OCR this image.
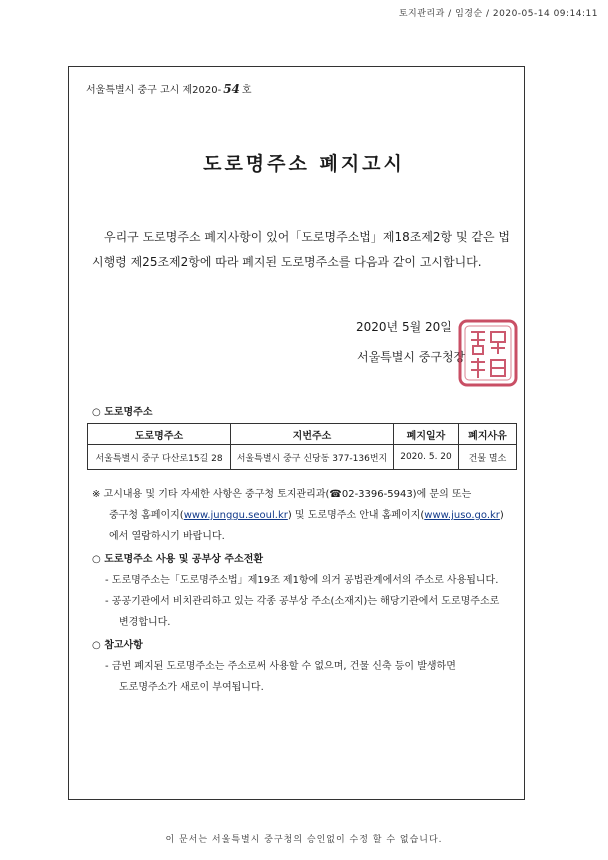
토지관리과 / 임경순 / 2020-05-14 09:14:11
서울특별시 중구 고시 제2020- 54 호
도로명주소 폐지고시
우리구 도로명주소 폐지사항이 있어「도로명주소법」제18조제2항 및 같은 법
시행령 제25조제2항에 따라 폐지된 도로명주소를 다음과 같이 고시합니다.
2020년 5월 20일
서울특별시 중구청장
○ 도로명주소
도로명주소	지번주소	폐지일자	폐지사유
서울특별시 중구 다산로15길 28	서울특별시 중구 신당동 377-136번지	2020. 5. 20	건물 멸소
※ 고시내용 및 기타 자세한 사항은 중구청 토지관리과(☎02-3396-5943)에 문의 또는
중구청 홈페이지(www.junggu.seoul.kr) 및 도로명주소 안내 홈페이지(www.juso.go.kr)
에서 열람하시기 바랍니다.
○ 도로명주소 사용 및 공부상 주소전환
- 도로명주소는「도로명주소법」제19조 제1항에 의거 공법관계에서의 주소로 사용됩니다.
- 공공기관에서 비치관리하고 있는 각종 공부상 주소(소재지)는 해당기관에서 도로명주소로
변경합니다.
○ 참고사항
- 금번 폐지된 도로명주소는 주소로써 사용할 수 없으며, 건물 신축 등이 발생하면
도로명주소가 새로이 부여됩니다.
이 문서는 서울특별시 중구청의 승인없이 수정 할 수 없습니다.
